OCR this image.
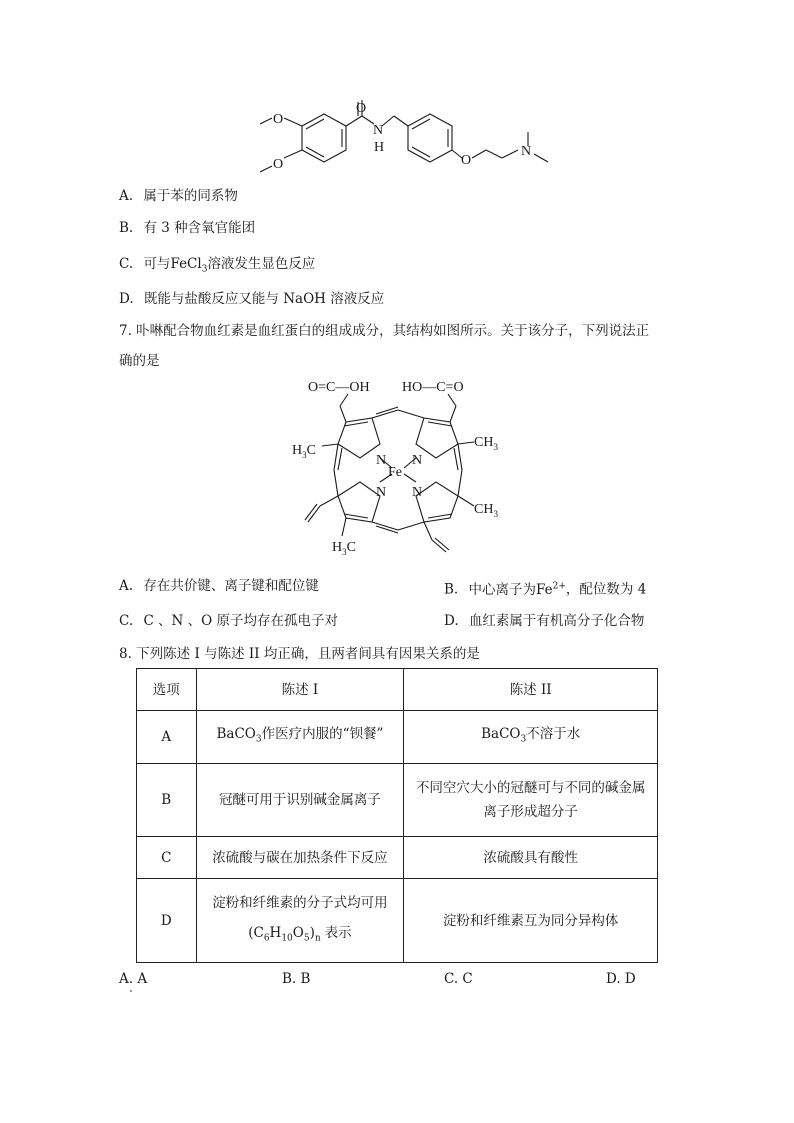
O
O
O
N
H
O
N
A. 属于苯的同系物
B. 有 3 种含氧官能团
C. 可与FeCl$_3$溶液发生显色反应
D. 既能与盐酸反应又能与 NaOH 溶液反应
7. 卟啉配合物血红素是血红蛋白的组成成分，其结构如图所示。关于该分子，下列说法正
确的是
O=C—OH HO—C=O
N N
Fe
N N
$H_3C$
$CH_3$
$CH_3$
$H_3C$
A. 存在共价键、离子键和配位键	B. 中心离子为$Fe^{2+}$，配位数为 4
C. C 、N 、O 原子均存在孤电子对	D. 血红素属于有机高分子化合物
8. 下列陈述 I 与陈述 II 均正确，且两者间具有因果关系的是
选项	陈述 I	陈述 II
A	BaCO$_3$作医疗内服的“钡餐”	BaCO$_3$不溶于水
B	冠醚可用于识别碱金属离子	不同空穴大小的冠醚可与不同的碱金属
离子形成超分子

C	浓硫酸与碳在加热条件下反应	浓硫酸具有酸性
D	淀粉和纤维素的分子式均可用
$(C_6H_{10}O_5)_n$ 表示	淀粉和纤维素互为同分异构体
A. A	B. B	C. C	D. D
